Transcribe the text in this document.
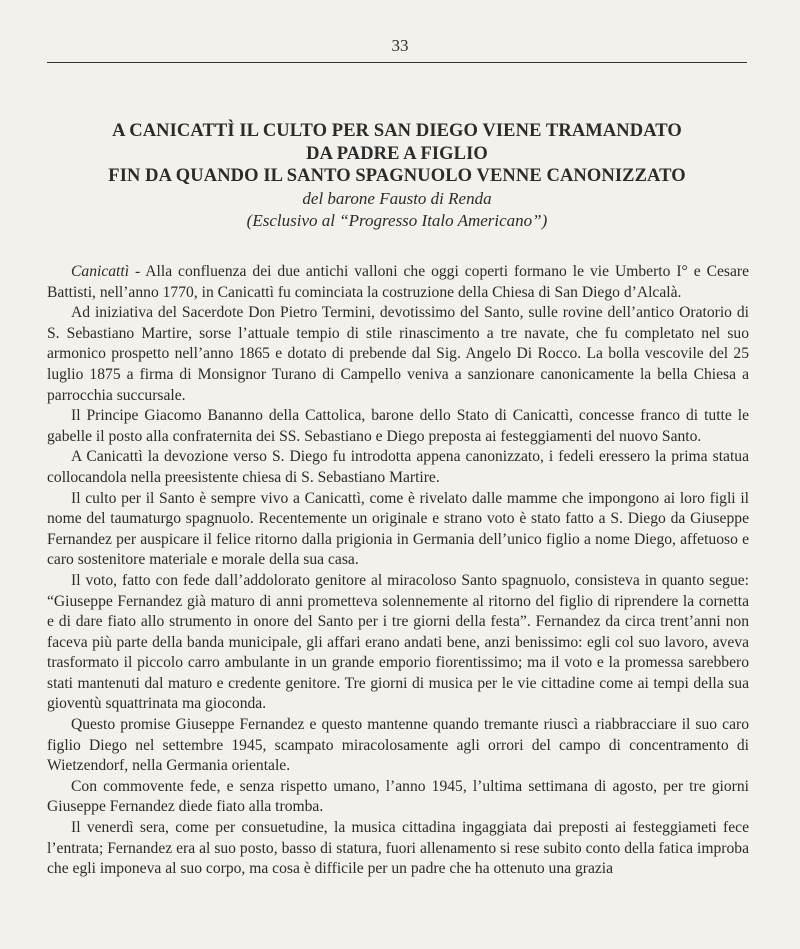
33
A CANICATTÌ IL CULTO PER SAN DIEGO VIENE TRAMANDATO
DA PADRE A FIGLIO
FIN DA QUANDO IL SANTO SPAGNUOLO VENNE CANONIZZATO
del barone Fausto di Renda
(Esclusivo al “Progresso Italo Americano”)

Canicattì - Alla confluenza dei due antichi valloni che oggi coperti formano le vie Umberto I° e Cesare Battisti, nell’anno 1770, in Canicattì fu cominciata la costruzione della Chiesa di San Diego d’Alcalà.

Ad iniziativa del Sacerdote Don Pietro Termini, devotissimo del Santo, sulle rovine dell’antico Oratorio di S. Sebastiano Martire, sorse l’attuale tempio di stile rinascimento a tre navate, che fu completato nel suo armonico prospetto nell’anno 1865 e dotato di prebende dal Sig. Angelo Di Rocco. La bolla vescovile del 25 luglio 1875 a firma di Monsignor Turano di Campello veniva a sanzionare canonicamente la bella Chiesa a parrocchia succursale.

Il Principe Giacomo Bananno della Cattolica, barone dello Stato di Canicattì, concesse franco di tutte le gabelle il posto alla confraternita dei SS. Sebastiano e Diego preposta ai festeggiamenti del nuovo Santo.

A Canicattì la devozione verso S. Diego fu introdotta appena canonizzato, i fedeli eressero la prima statua collocandola nella preesistente chiesa di S. Sebastiano Martire.

Il culto per il Santo è sempre vivo a Canicattì, come è rivelato dalle mamme che impongono ai loro figli il nome del taumaturgo spagnuolo. Recentemente un originale e strano voto è stato fatto a S. Diego da Giuseppe Fernandez per auspicare il felice ritorno dalla prigionia in Germania dell’unico figlio a nome Diego, affetuoso e caro sostenitore materiale e morale della sua casa.

Il voto, fatto con fede dall’addolorato genitore al miracoloso Santo spagnuolo, consisteva in quanto segue: “Giuseppe Fernandez già maturo di anni prometteva solennemente al ritorno del figlio di riprendere la cornetta e di dare fiato allo strumento in onore del Santo per i tre giorni della festa”. Fernandez da circa trent’anni non faceva più parte della banda municipale, gli affari erano andati bene, anzi benissimo: egli col suo lavoro, aveva trasformato il piccolo carro ambulante in un grande emporio fiorentissimo; ma il voto e la promessa sarebbero stati mantenuti dal maturo e credente genitore. Tre giorni di musica per le vie cittadine come ai tempi della sua gioventù squattrinata ma gioconda.

Questo promise Giuseppe Fernandez e questo mantenne quando tremante riuscì a riabbracciare il suo caro figlio Diego nel settembre 1945, scampato miracolosamente agli orrori del campo di concentramento di Wietzendorf, nella Germania orientale.

Con commovente fede, e senza rispetto umano, l’anno 1945, l’ultima settimana di agosto, per tre giorni Giuseppe Fernandez diede fiato alla tromba.

Il venerdì sera, come per consuetudine, la musica cittadina ingaggiata dai preposti ai festeggiameti fece l’entrata; Fernandez era al suo posto, basso di statura, fuori allenamento si rese subito conto della fatica improba che egli imponeva al suo corpo, ma cosa è difficile per un padre che ha ottenuto una grazia
